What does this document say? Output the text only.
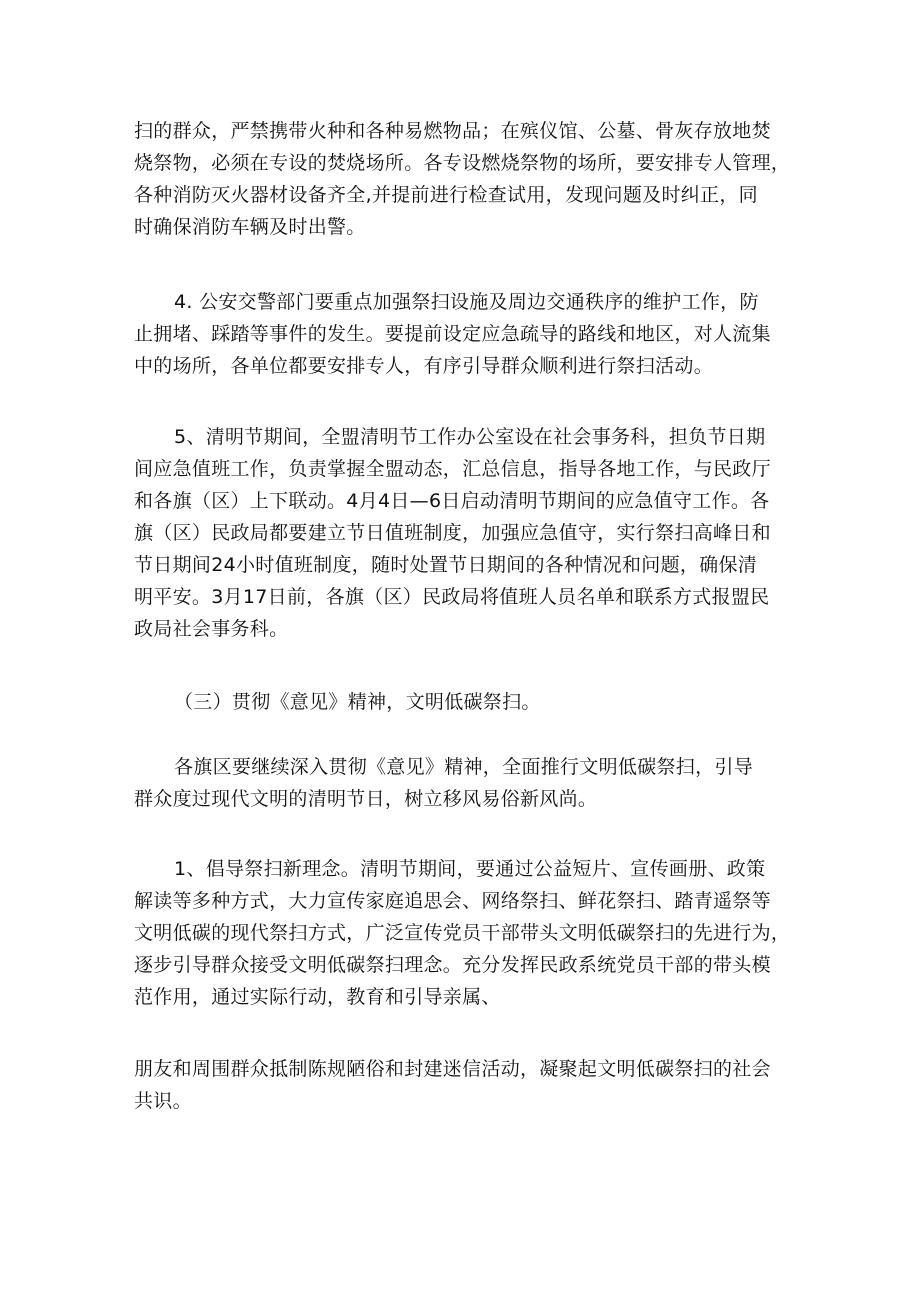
扫的群众，严禁携带火种和各种易燃物品；在殡仪馆、公墓、骨灰存放地焚
烧祭物，必须在专设的焚烧场所。各专设燃烧祭物的场所，要安排专人管理，
各种消防灭火器材设备齐全,并提前进行检查试用，发现问题及时纠正，同
时确保消防车辆及时出警。
4. 公安交警部门要重点加强祭扫设施及周边交通秩序的维护工作，防
止拥堵、踩踏等事件的发生。要提前设定应急疏导的路线和地区，对人流集
中的场所，各单位都要安排专人，有序引导群众顺利进行祭扫活动。
5、清明节期间，全盟清明节工作办公室设在社会事务科，担负节日期
间应急值班工作，负责掌握全盟动态，汇总信息，指导各地工作，与民政厅
和各旗（区）上下联动。4月4日—6日启动清明节期间的应急值守工作。各
旗（区）民政局都要建立节日值班制度，加强应急值守，实行祭扫高峰日和
节日期间24小时值班制度，随时处置节日期间的各种情况和问题，确保清
明平安。3月17日前，各旗（区）民政局将值班人员名单和联系方式报盟民
政局社会事务科。
（三）贯彻《意见》精神，文明低碳祭扫。
各旗区要继续深入贯彻《意见》精神，全面推行文明低碳祭扫，引导
群众度过现代文明的清明节日，树立移风易俗新风尚。
1、倡导祭扫新理念。清明节期间，要通过公益短片、宣传画册、政策
解读等多种方式，大力宣传家庭追思会、网络祭扫、鲜花祭扫、踏青遥祭等
文明低碳的现代祭扫方式，广泛宣传党员干部带头文明低碳祭扫的先进行为，
逐步引导群众接受文明低碳祭扫理念。充分发挥民政系统党员干部的带头模
范作用，通过实际行动，教育和引导亲属、
朋友和周围群众抵制陈规陋俗和封建迷信活动，凝聚起文明低碳祭扫的社会
共识。
